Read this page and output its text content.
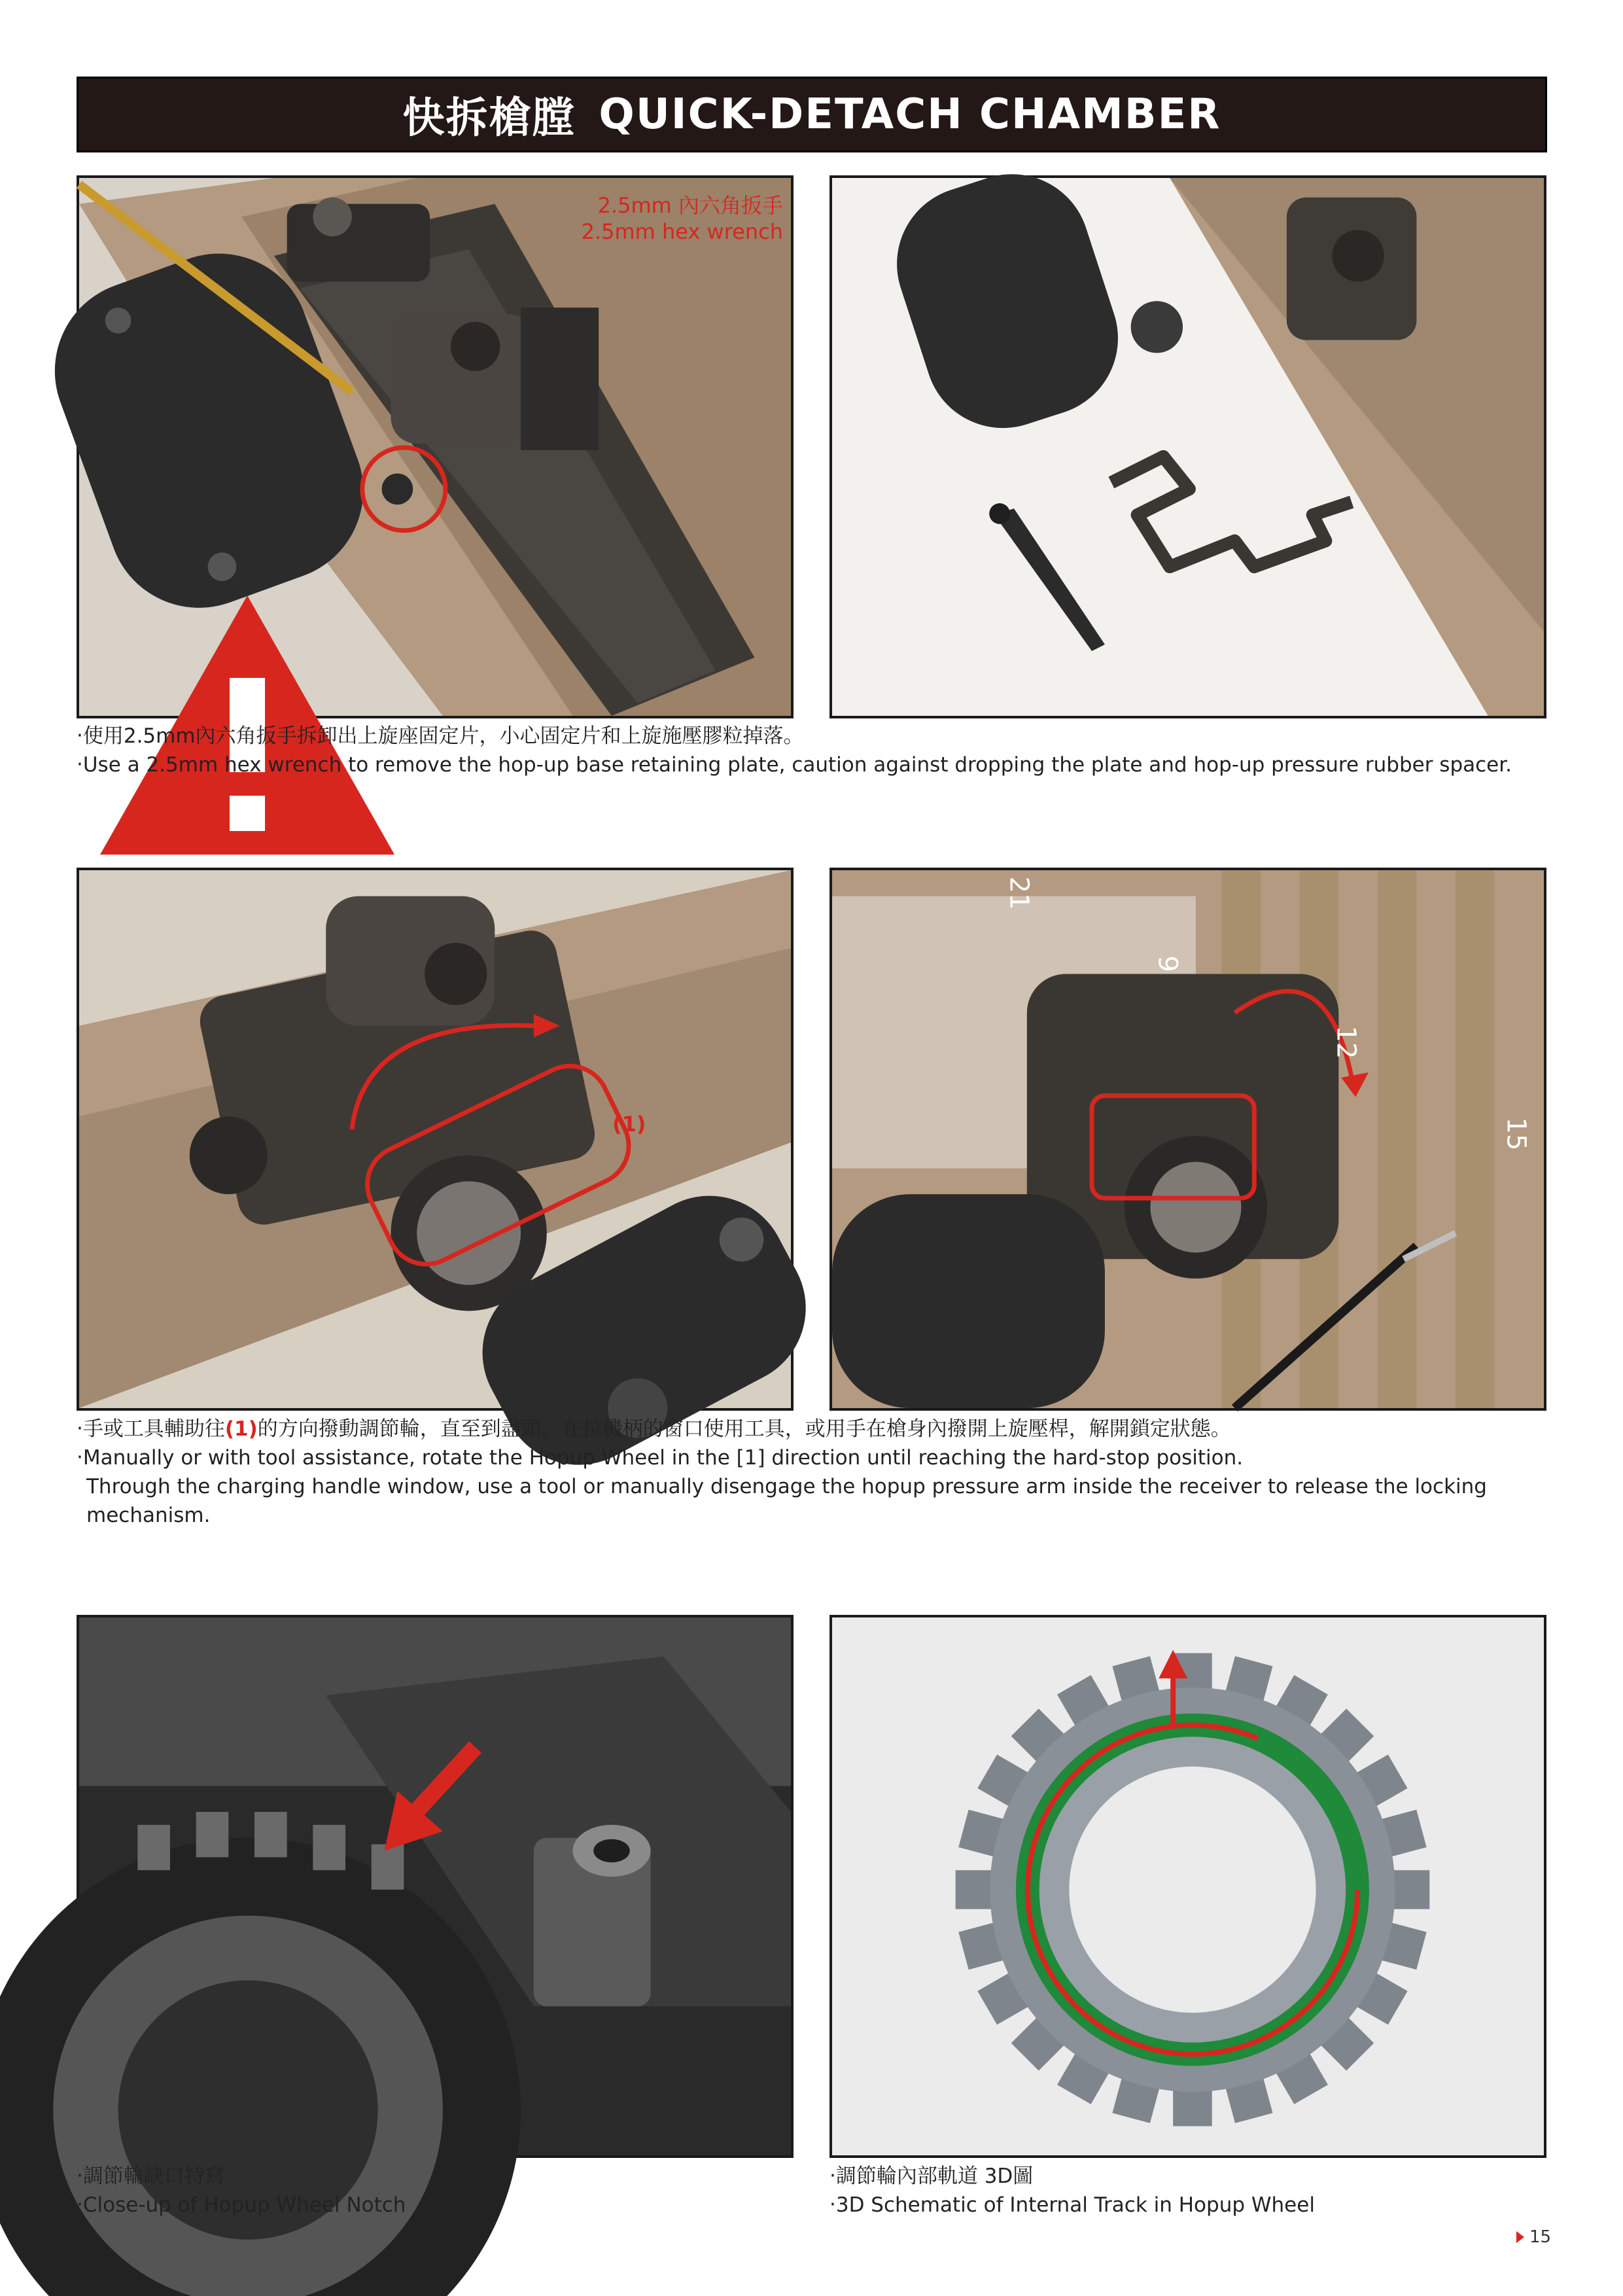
快拆槍膛 QUICK-DETACH CHAMBER
2.5mm 內六角扳手
2.5mm hex wrench
‧使用2.5mm內六角扳手拆卸出上旋座固定片，小心固定片和上旋施壓膠粒掉落。
‧Use a 2.5mm hex wrench to remove the hop-up base retaining plate, caution against dropping the plate and hop-up pressure rubber spacer.
(1)
21
9
12
15
‧手或工具輔助往(1)的方向撥動調節輪，直至到盡頭。在拉機柄的窗口使用工具，或用手在槍身內撥開上旋壓桿，解開鎖定狀態。
‧Manually or with tool assistance, rotate the Hopup Wheel in the [1] direction until reaching the hard-stop position.
Through the charging handle window, use a tool or manually disengage the hopup pressure arm inside the receiver to release the locking
mechanism.
‧調節輪缺口特寫
‧Close-up of Hopup Wheel Notch
‧調節輪內部軌道 3D圖
‧3D Schematic of Internal Track in Hopup Wheel
15
